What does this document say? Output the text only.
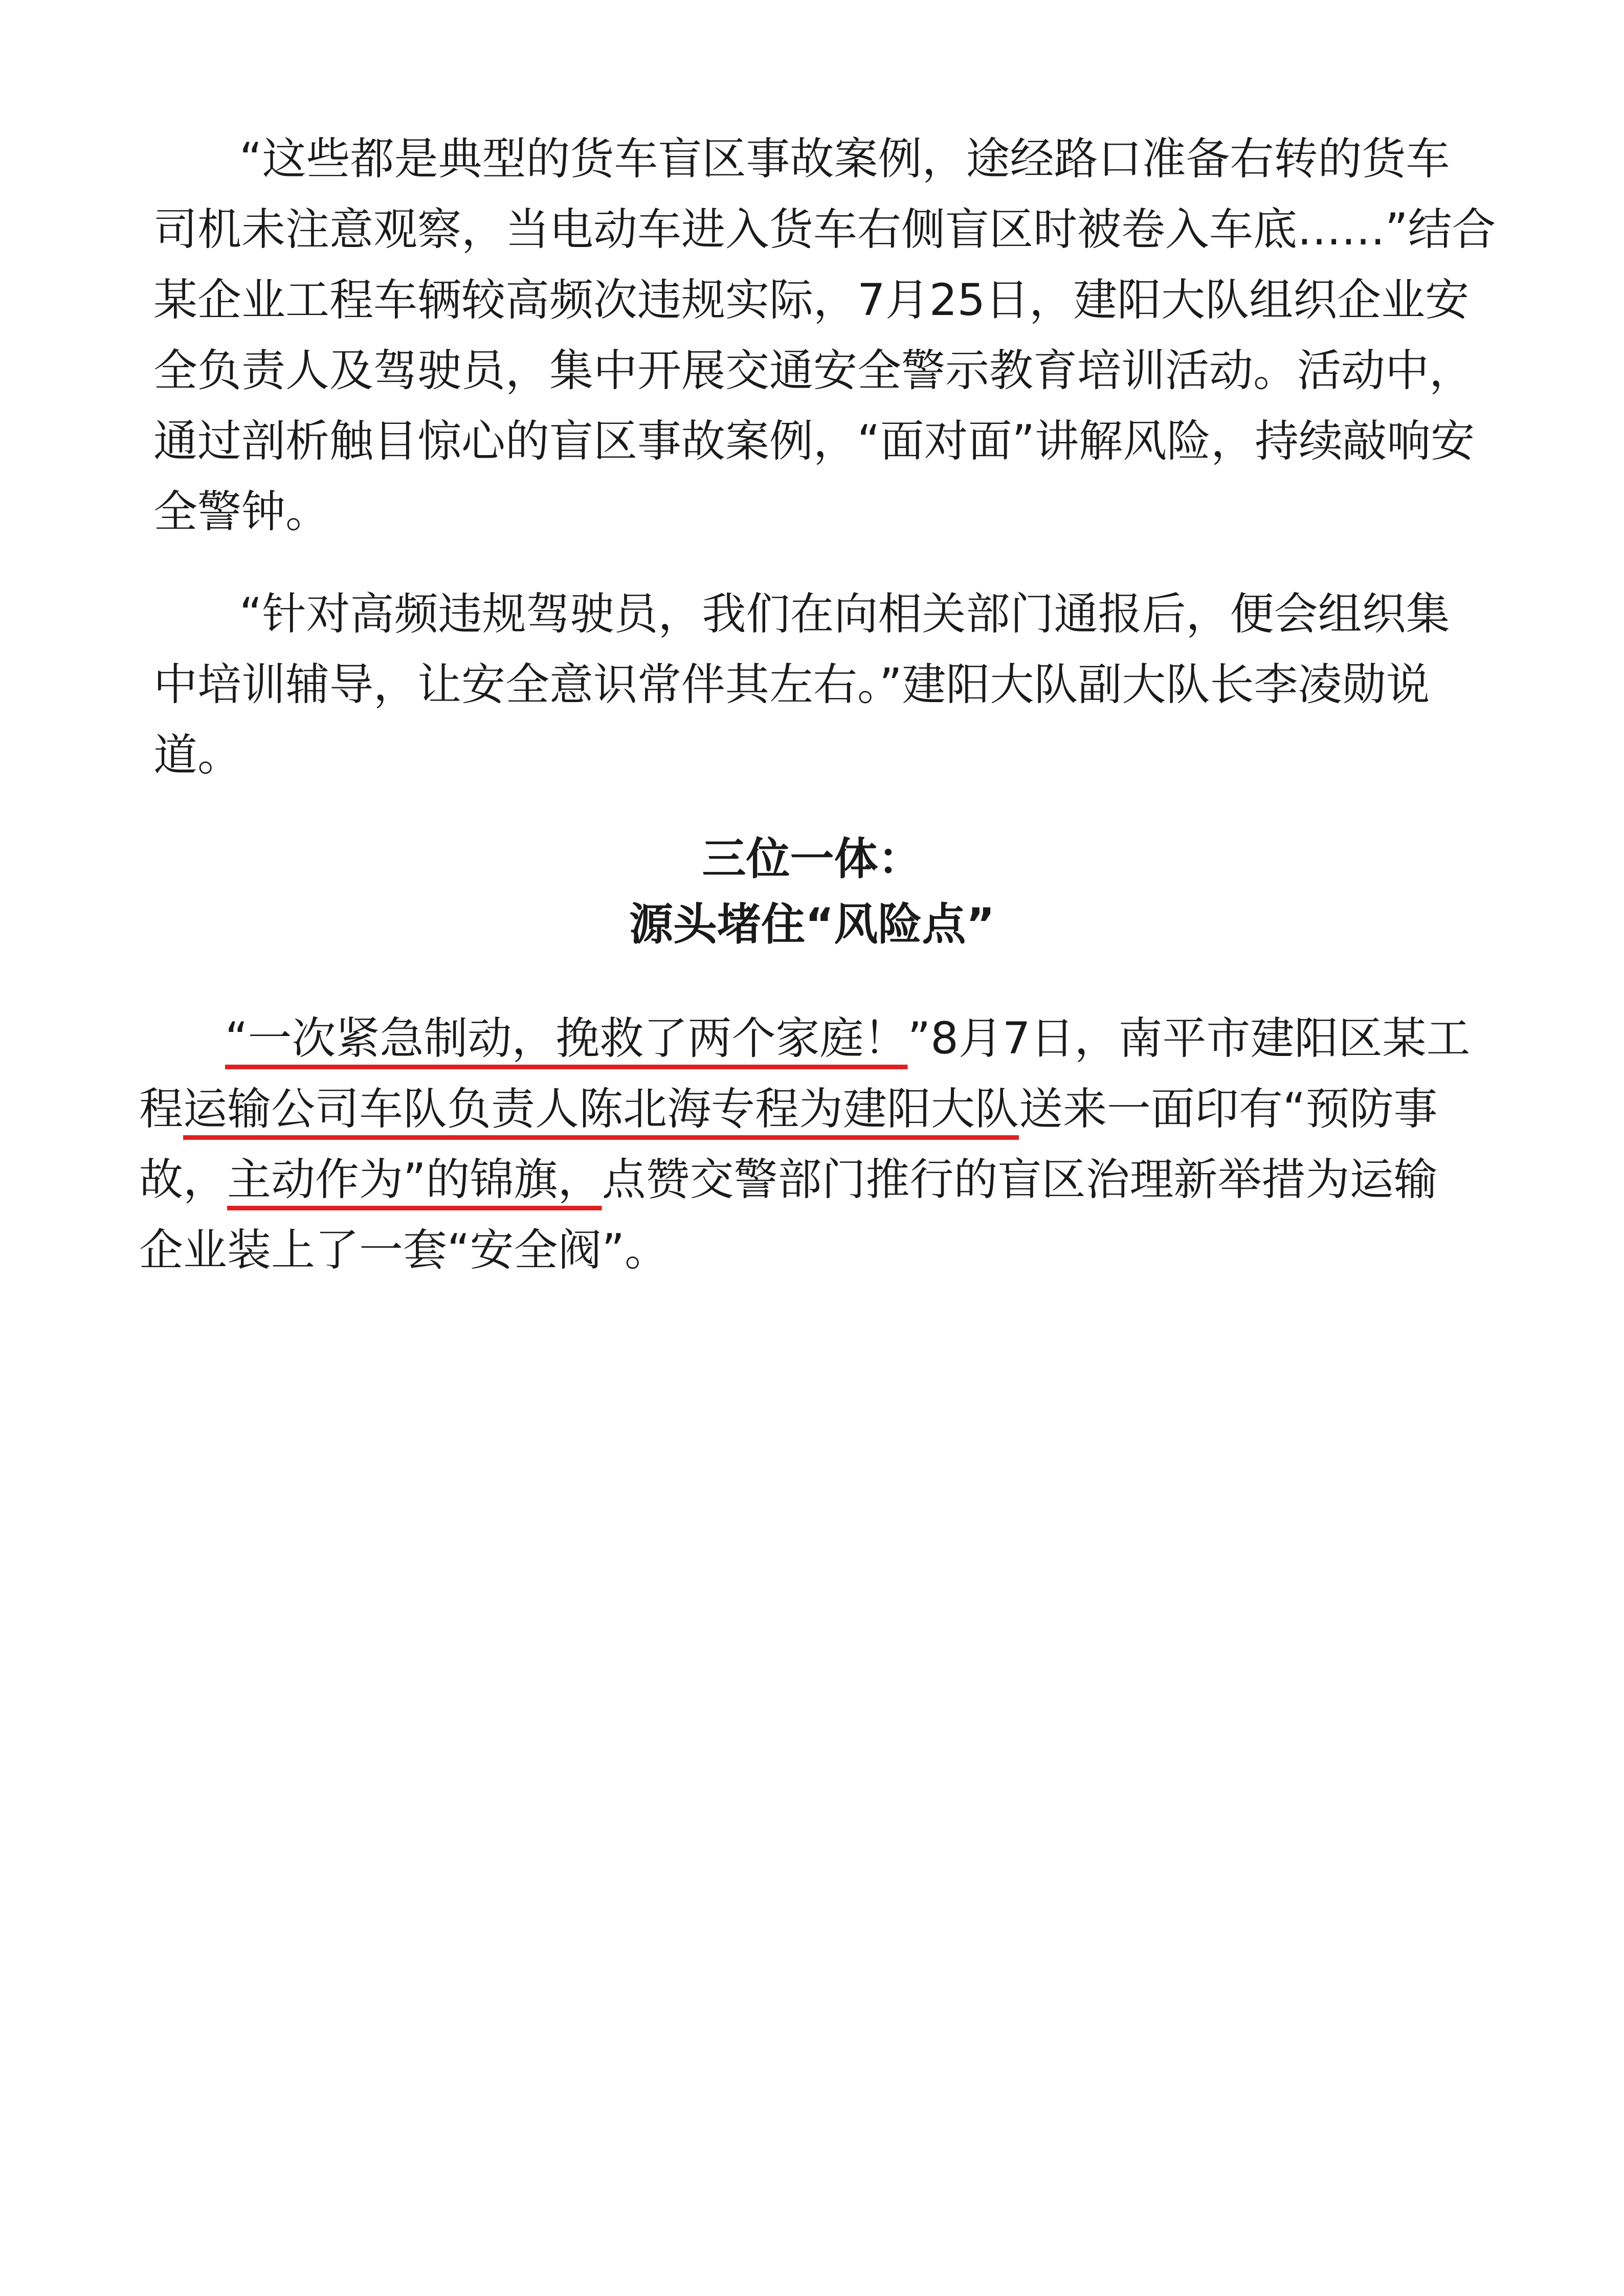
“这些都是典型的货车盲区事故案例，途经路口准备右转的货车
司机未注意观察，当电动车进入货车右侧盲区时被卷入车底……”结合
某企业工程车辆较高频次违规实际，7月25日，建阳大队组织企业安
全负责人及驾驶员，集中开展交通安全警示教育培训活动。活动中，
通过剖析触目惊心的盲区事故案例，“面对面”讲解风险，持续敲响安
全警钟。
“针对高频违规驾驶员，我们在向相关部门通报后，便会组织集
中培训辅导，让安全意识常伴其左右。”建阳大队副大队长李凌勋说
道。
三位一体：
源头堵住“风险点”
“一次紧急制动，挽救了两个家庭！”8月7日，南平市建阳区某工
程运输公司车队负责人陈北海专程为建阳大队送来一面印有“预防事
故，主动作为”的锦旗，点赞交警部门推行的盲区治理新举措为运输
企业装上了一套“安全阀”。
